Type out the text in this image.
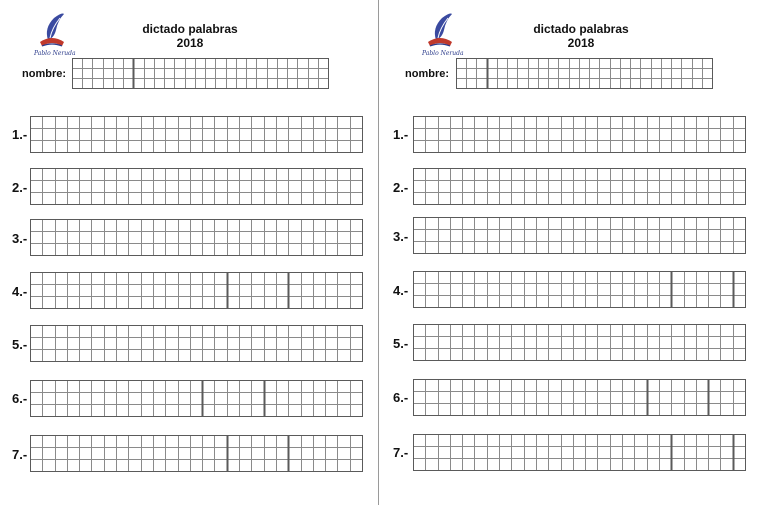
Pablo Neruda
dictado palabras
2018
nombre:
1.-
2.-
3.-
4.-
5.-
6.-
7.-
Pablo Neruda
dictado palabras
2018
nombre:
1.-
2.-
3.-
4.-
5.-
6.-
7.-
